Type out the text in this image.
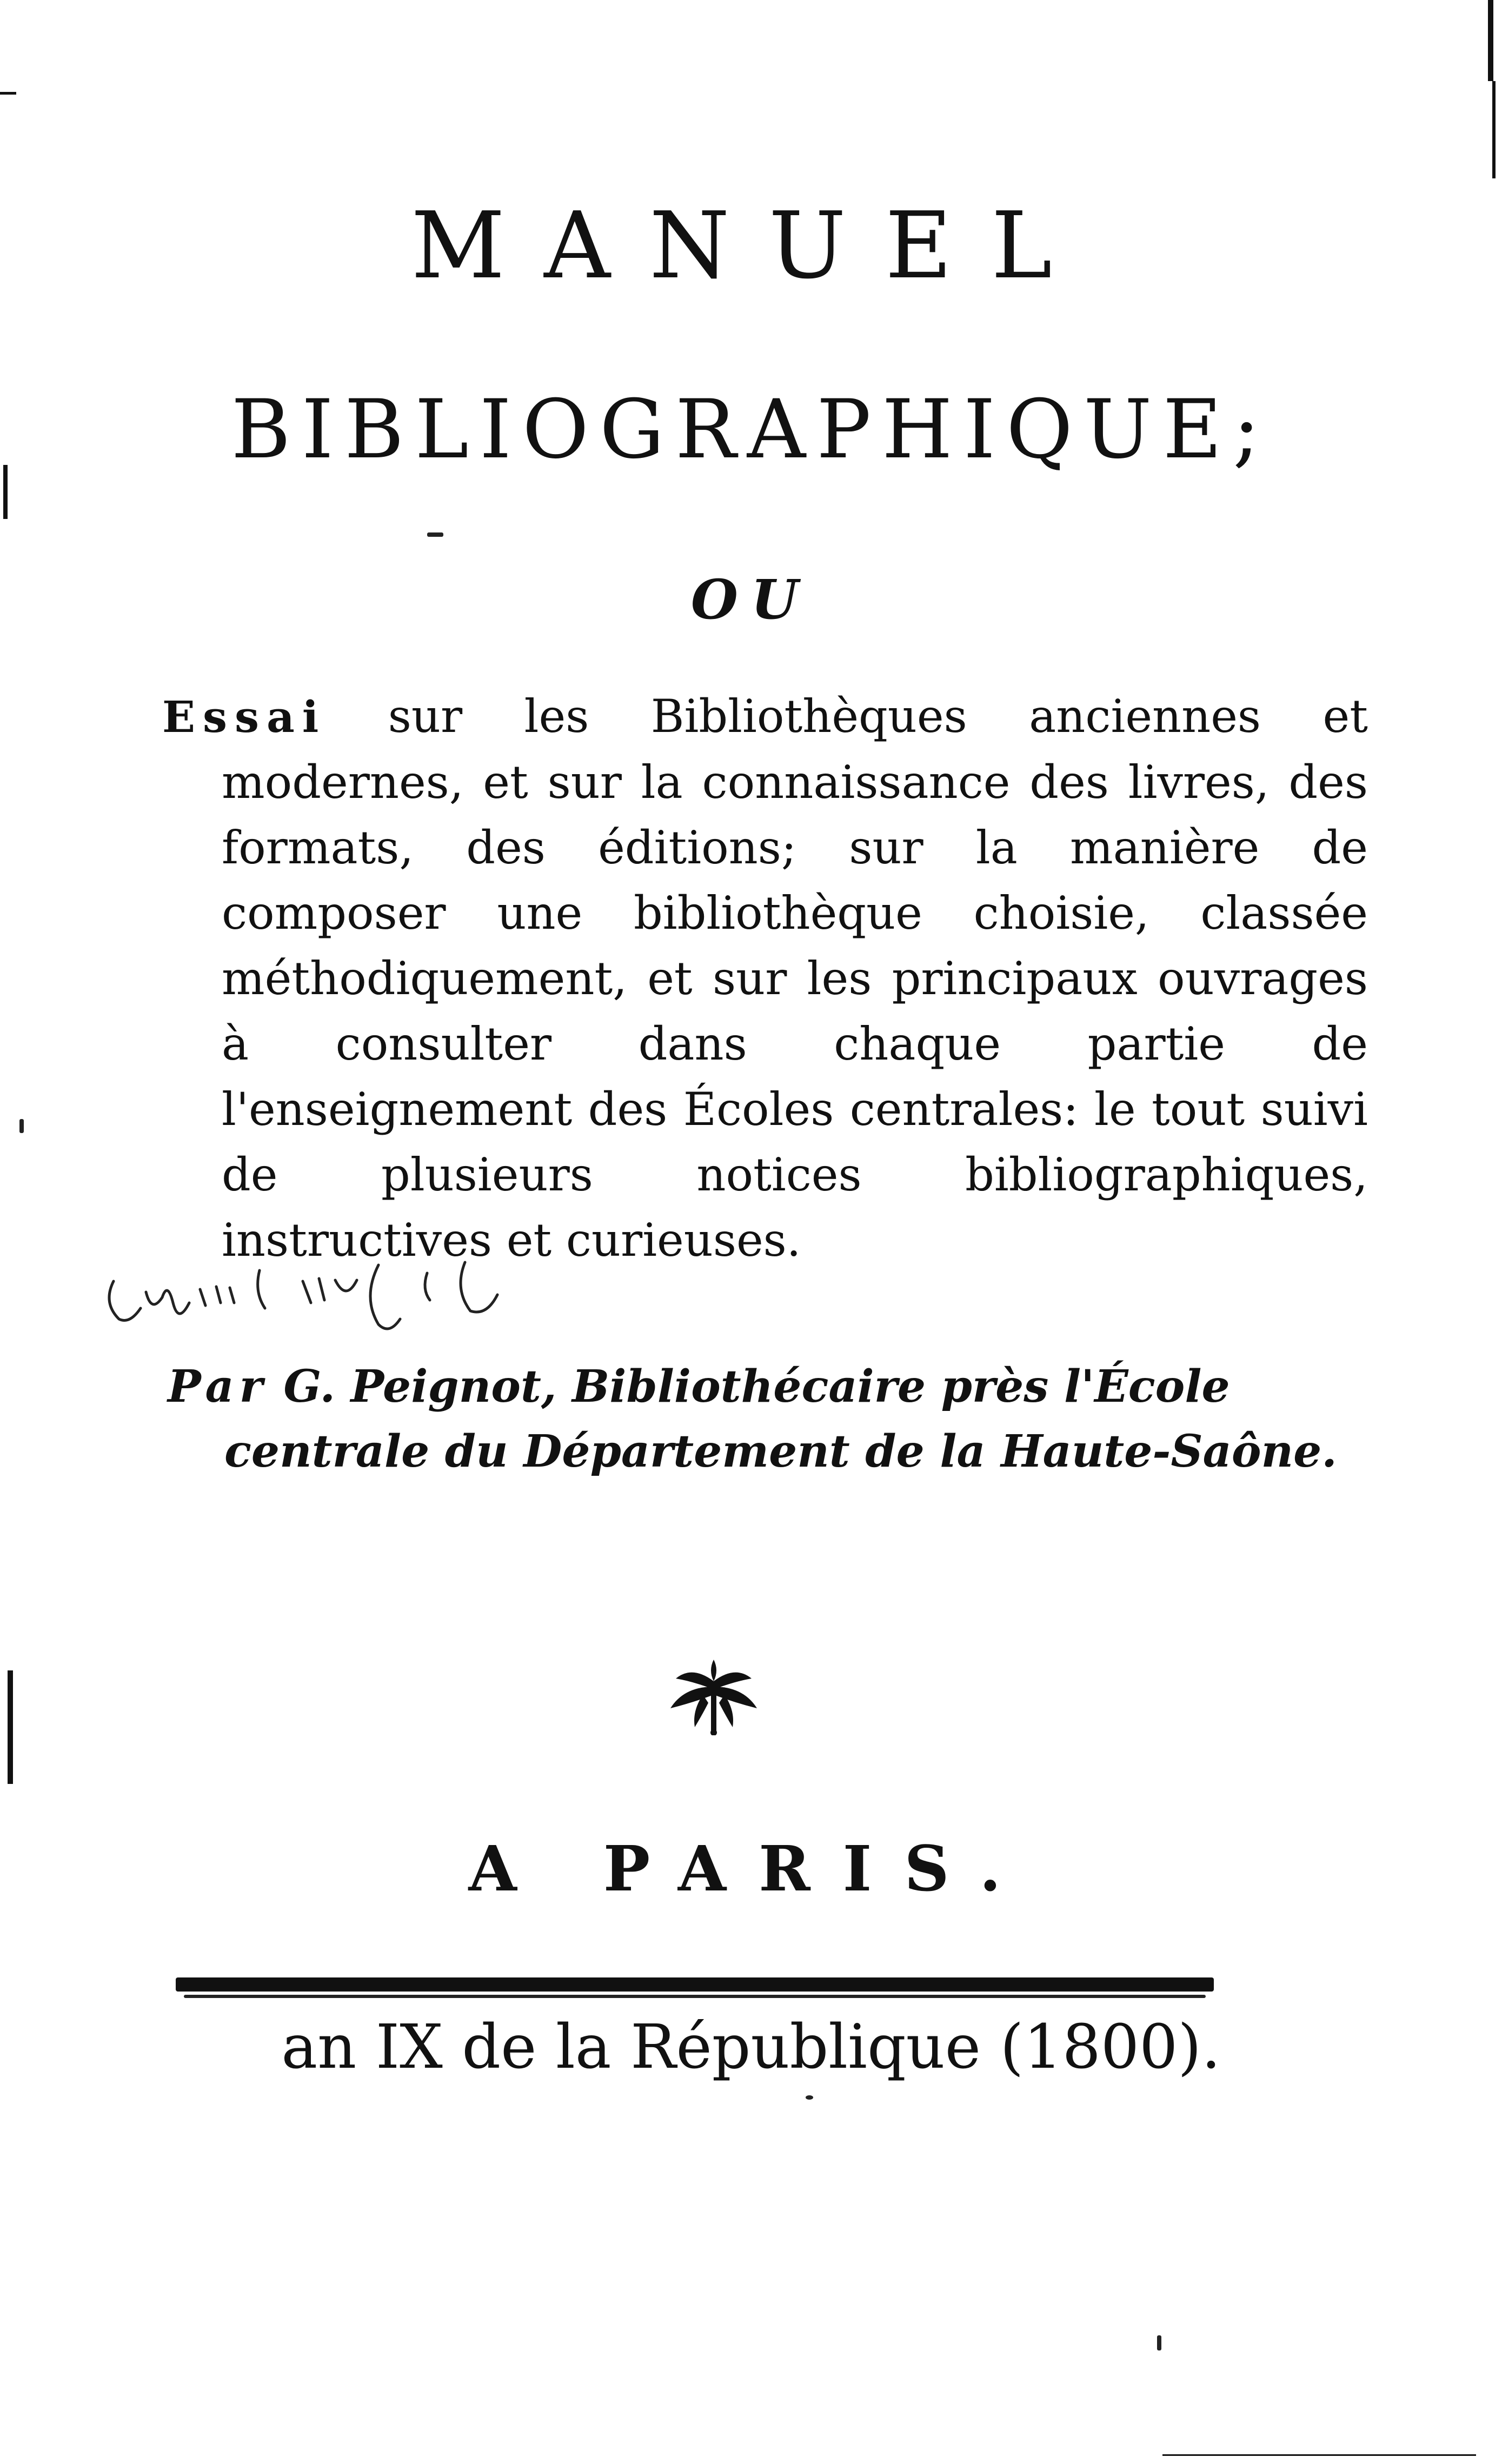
MANUEL
BIBLIOGRAPHIQUE;
OU
Essai sur les Bibliothèques anciennes et modernes, et sur la connaissance des livres, des formats, des éditions; sur la manière de composer une bibliothèque choisie, classée méthodiquement, et sur les principaux ouvrages à consulter dans chaque partie de l'enseignement des Écoles centrales: le tout suivi de plusieurs notices bibliographiques, instructives et curieuses.
Par G. Peignot, Bibliothécaire près l'École centrale du Département de la Haute-Saône.
A PARIS.
an IX de la République (1800).
